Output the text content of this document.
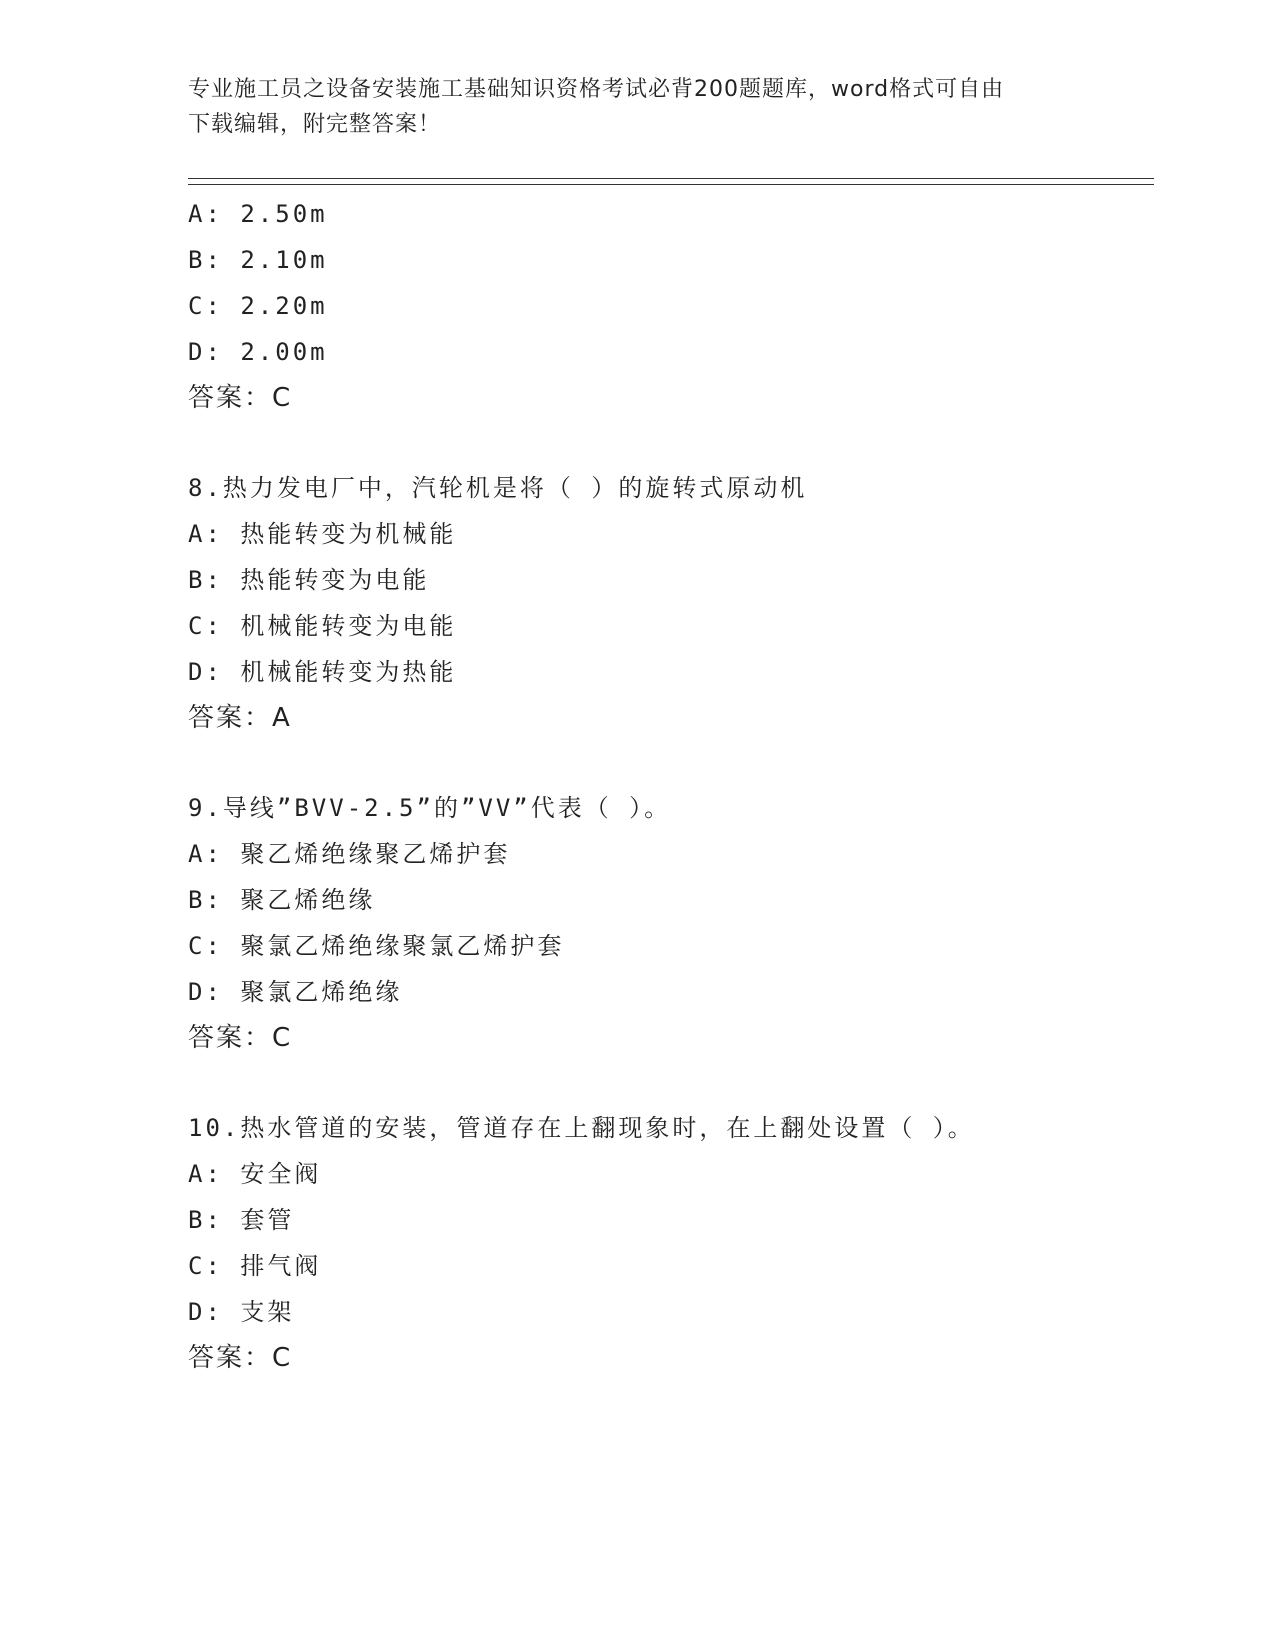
专业施工员之设备安装施工基础知识资格考试必背200题题库，word格式可自由
下载编辑，附完整答案！
A: 2.50m
B: 2.10m
C: 2.20m
D: 2.00m
答案：C
8.热力发电厂中，汽轮机是将（ ）的旋转式原动机
A: 热能转变为机械能
B: 热能转变为电能
C: 机械能转变为电能
D: 机械能转变为热能
答案：A
9.导线”BVV-2.5”的”VV”代表（ ）。
A: 聚乙烯绝缘聚乙烯护套
B: 聚乙烯绝缘
C: 聚氯乙烯绝缘聚氯乙烯护套
D: 聚氯乙烯绝缘
答案：C
10.热水管道的安装，管道存在上翻现象时，在上翻处设置（ ）。
A: 安全阀
B: 套管
C: 排气阀
D: 支架
答案：C
